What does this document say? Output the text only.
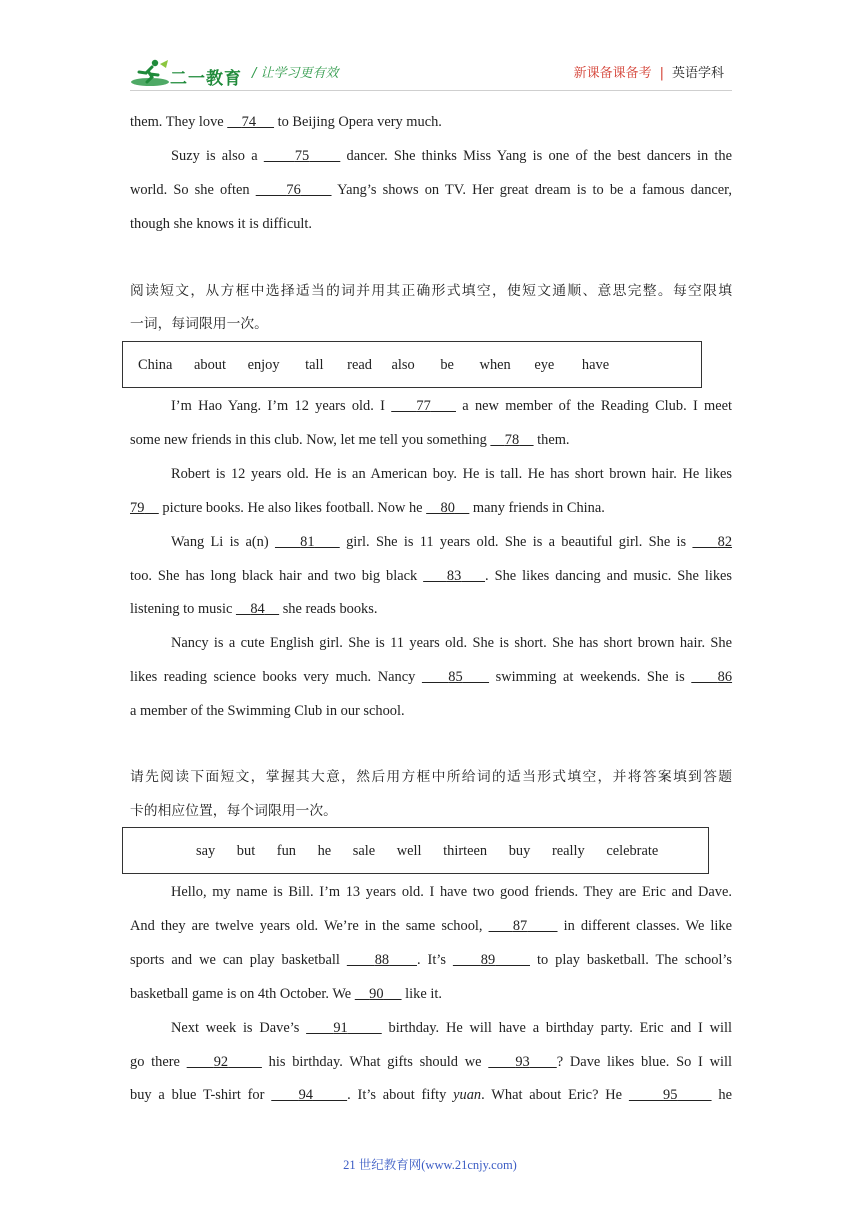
二一教育 / 让学习更有效	新课备课备考 | 英语学科
them. They love     74      to Beijing Opera very much.
Suzy is also a      75      dancer. She thinks Miss Yang is one of the best dancers in the
world. So she often      76      Yang’s shows on TV. Her great dream is to be a famous dancer,
though she knows it is difficult.
阅读短文，从方框中选择适当的词并用其正确形式填空，使短文通顺、意思完整。每空限填
一词，每词限用一次。
China about enjoy tall read also be when eye have
I’m Hao Yang. I’m 12 years old. I     77     a new member of the Reading Club. I meet
some new friends in this club. Now, let me tell you something     78     them.
Robert is 12 years old. He is an American boy. He is tall. He has short brown hair. He likes
79     picture books. He also likes football. Now he     80     many friends in China.
Wang Li is a(n)     81     girl. She is 11 years old. She is a beautiful girl. She is     82
too. She has long black hair and two big black     83 . She likes dancing and music. She likes
listening to music     84     she reads books.
Nancy is a cute English girl. She is 11 years old. She is short. She has short brown hair. She
likes reading science books very much. Nancy     85     swimming at weekends. She is     86
a member of the Swimming Club in our school.
请先阅读下面短文，掌握其大意，然后用方框中所给词的适当形式填空，并将答案填到答题
卡的相应位置，每个词限用一次。
say but fun he sale well thirteen buy really celebrate
Hello, my name is Bill. I’m 13 years old. I have two good friends. They are Eric and Dave.
And they are twelve years old. We’re in the same school,     87      in different classes. We like
sports and we can play basketball     88 . It’s     89      to play basketball. The school’s
basketball game is on 4th October. We     90      like it.
Next week is Dave’s     91      birthday. He will have a birthday party. Eric and I will
go there     92      his birthday. What gifts should we     93 ? Dave likes blue. So I will
buy a blue T-shirt for     94 . It’s about fifty yuan. What about Eric? He      95      he
21 世纪教育网(www.21cnjy.com)
